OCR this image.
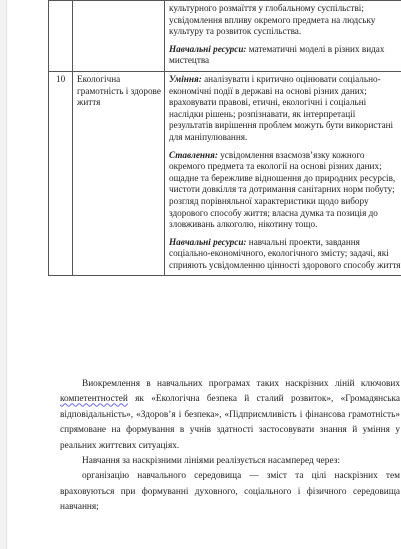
		культурного розмаїття у глобальному суспільстві; усвідомлення впливу окремого предмета на людську культуру та розвиток суспільства.

Навчальні ресурси: математичні моделі в різних видах мистецтва

10	Екологічна грамотність і здорове життя	Уміння: аналізувати і критично оцінювати соціально-економічні події в державі на основі різних даних; враховувати правові, етичні, екологічні і соціальні наслідки рішень; розпізнавати, як інтерпретації результатів вирішення проблем можуть бути використані для маніпулювання.

Ставлення: усвідомлення взаємозв’язку кожного окремого предмета та екології на основі різних даних; ощадне та бережливе відношення до природних ресурсів, чистоти довкілля та дотримання санітарних норм побуту; розгляд порівняльної характеристики щодо вибору здорового способу життя; власна думка та позиція до зловживань алкоголю, нікотину тощо.

Навчальні ресурси: навчальні проекти, завдання соціально-економічного, екологічного змісту; задачі, які сприяють усвідомленню цінності здорового способу життя

Виокремлення в навчальних програмах таких наскрізних ліній ключових компетентностей як «Екологічна безпека й сталий розвиток», «Громадянська відповідальність», «Здоров’я і безпека», «Підприємливість і фінансова грамотність» спрямоване на формування в учнів здатності застосовувати знання й уміння у реальних життєвих ситуаціях.

Навчання за наскрізними лініями реалізується насамперед через:

організацію навчального середовища — зміст та цілі наскрізних тем враховуються при формуванні духовного, соціального і фізичного середовища навчання;
